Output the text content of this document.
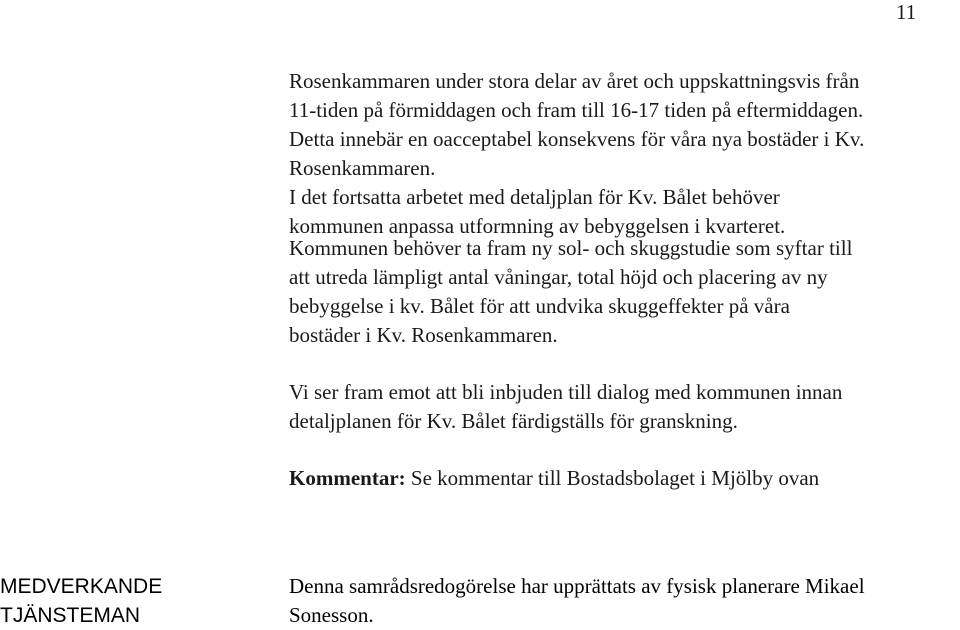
11

Rosenkammaren under stora delar av året och uppskattningsvis från
11-tiden på förmiddagen och fram till 16-17 tiden på eftermiddagen.
Detta innebär en oacceptabel konsekvens för våra nya bostäder i Kv.
Rosenkammaren.

I det fortsatta arbetet med detaljplan för Kv. Bålet behöver
kommunen anpassa utformning av bebyggelsen i kvarteret.

Kommunen behöver ta fram ny sol- och skuggstudie som syftar till
att utreda lämpligt antal våningar, total höjd och placering av ny
bebyggelse i kv. Bålet för att undvika skuggeffekter på våra
bostäder i Kv. Rosenkammaren.

Vi ser fram emot att bli inbjuden till dialog med kommunen innan
detaljplanen för Kv. Bålet färdigställs för granskning.

Kommentar: Se kommentar till Bostadsbolaget i Mjölby ovan

MEDVERKANDE
TJÄNSTEMAN
Denna samrådsredogörelse har upprättats av fysisk planerare Mikael
Sonesson.
